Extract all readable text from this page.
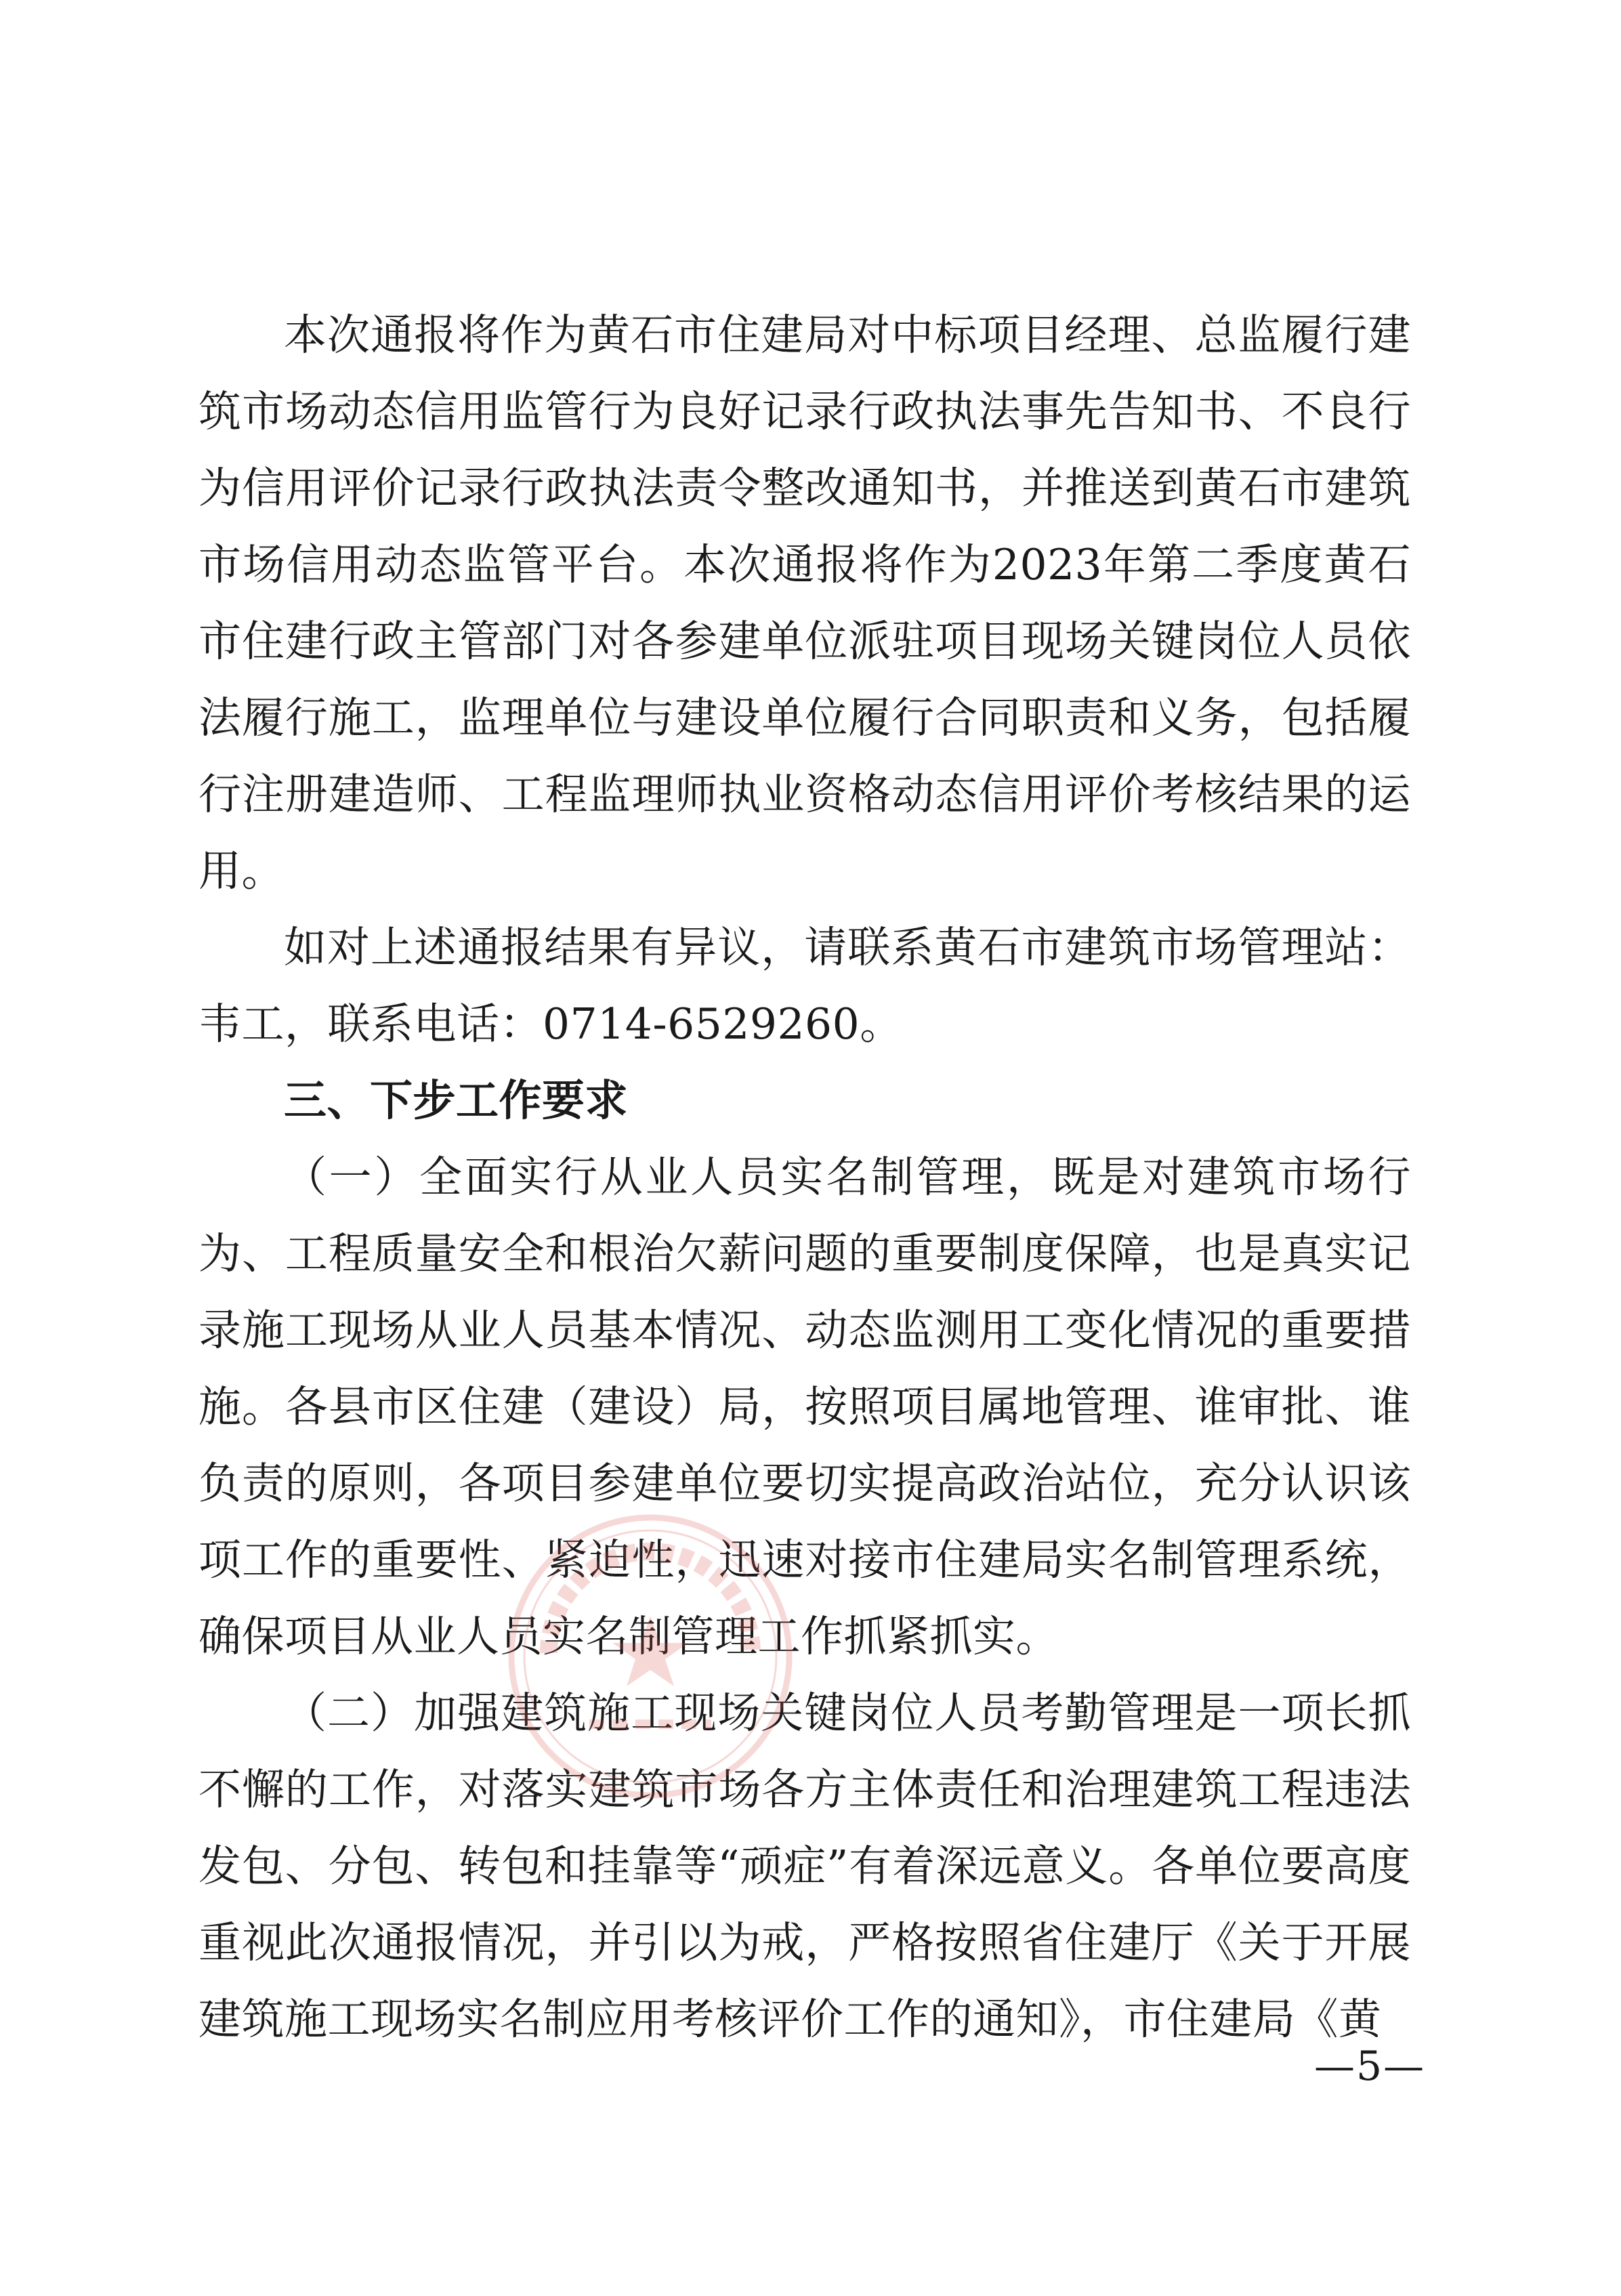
本次通报将作为黄石市住建局对中标项目经理、总监履行建筑市场动态信用监管行为良好记录行政执法事先告知书、不良行为信用评价记录行政执法责令整改通知书，并推送到黄石市建筑市场信用动态监管平台。本次通报将作为2023年第二季度黄石市住建行政主管部门对各参建单位派驻项目现场关键岗位人员依法履行施工，监理单位与建设单位履行合同职责和义务，包括履行注册建造师、工程监理师执业资格动态信用评价考核结果的运用。

如对上述通报结果有异议，请联系黄石市建筑市场管理站：韦工，联系电话：0714-6529260。

三、下步工作要求

（一）全面实行从业人员实名制管理，既是对建筑市场行为、工程质量安全和根治欠薪问题的重要制度保障，也是真实记录施工现场从业人员基本情况、动态监测用工变化情况的重要措施。各县市区住建（建设）局，按照项目属地管理、谁审批、谁负责的原则，各项目参建单位要切实提高政治站位，充分认识该项工作的重要性、紧迫性，迅速对接市住建局实名制管理系统，确保项目从业人员实名制管理工作抓紧抓实。

（二）加强建筑施工现场关键岗位人员考勤管理是一项长抓不懈的工作，对落实建筑市场各方主体责任和治理建筑工程违法发包、分包、转包和挂靠等“顽症”有着深远意义。各单位要高度重视此次通报情况，并引以为戒，严格按照省住建厅《关于开展建筑施工现场实名制应用考核评价工作的通知》，市住建局《黄

—5—
